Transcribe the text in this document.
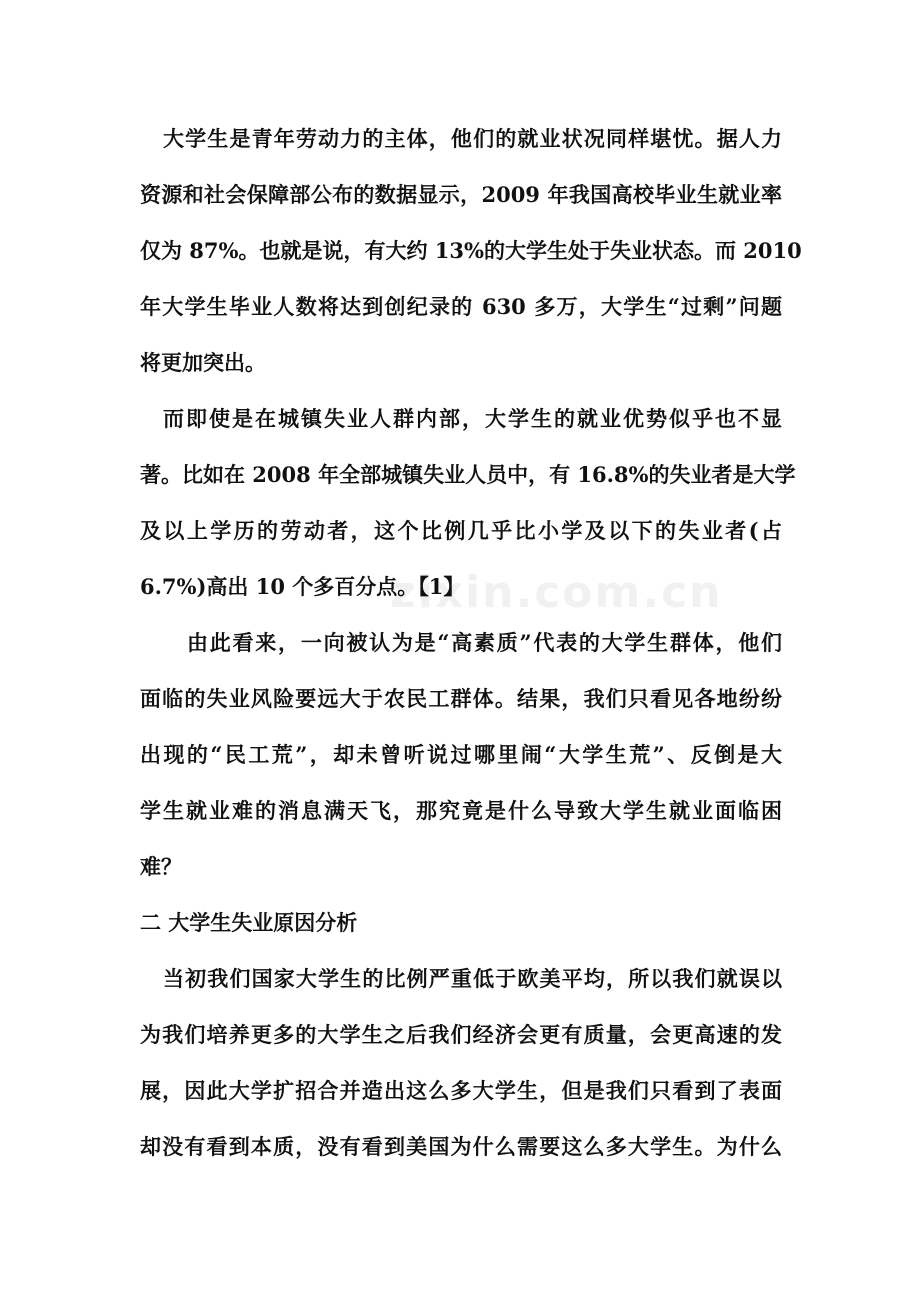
zixin.com.cn

大学生是青年劳动力的主体，他们的就业状况同样堪忧。据人力

资源和社会保障部公布的数据显示，2009 年我国高校毕业生就业率

仅为 87%。也就是说，有大约 13%的大学生处于失业状态。而 2010

年大学生毕业人数将达到创纪录的 630 多万，大学生“过剩”问题

将更加突出。

而即使是在城镇失业人群内部，大学生的就业优势似乎也不显

著。比如在 2008 年全部城镇失业人员中，有 16.8%的失业者是大学

及以上学历的劳动者，这个比例几乎比小学及以下的失业者(占

6.7%)高出 10 个多百分点。【1】

由此看来，一向被认为是“高素质”代表的大学生群体，他们

面临的失业风险要远大于农民工群体。结果，我们只看见各地纷纷

出现的“民工荒”，却未曾听说过哪里闹“大学生荒”、反倒是大

学生就业难的消息满天飞，那究竟是什么导致大学生就业面临困

难？

二 大学生失业原因分析

当初我们国家大学生的比例严重低于欧美平均，所以我们就误以

为我们培养更多的大学生之后我们经济会更有质量，会更高速的发

展，因此大学扩招合并造出这么多大学生，但是我们只看到了表面

却没有看到本质，没有看到美国为什么需要这么多大学生。为什么
